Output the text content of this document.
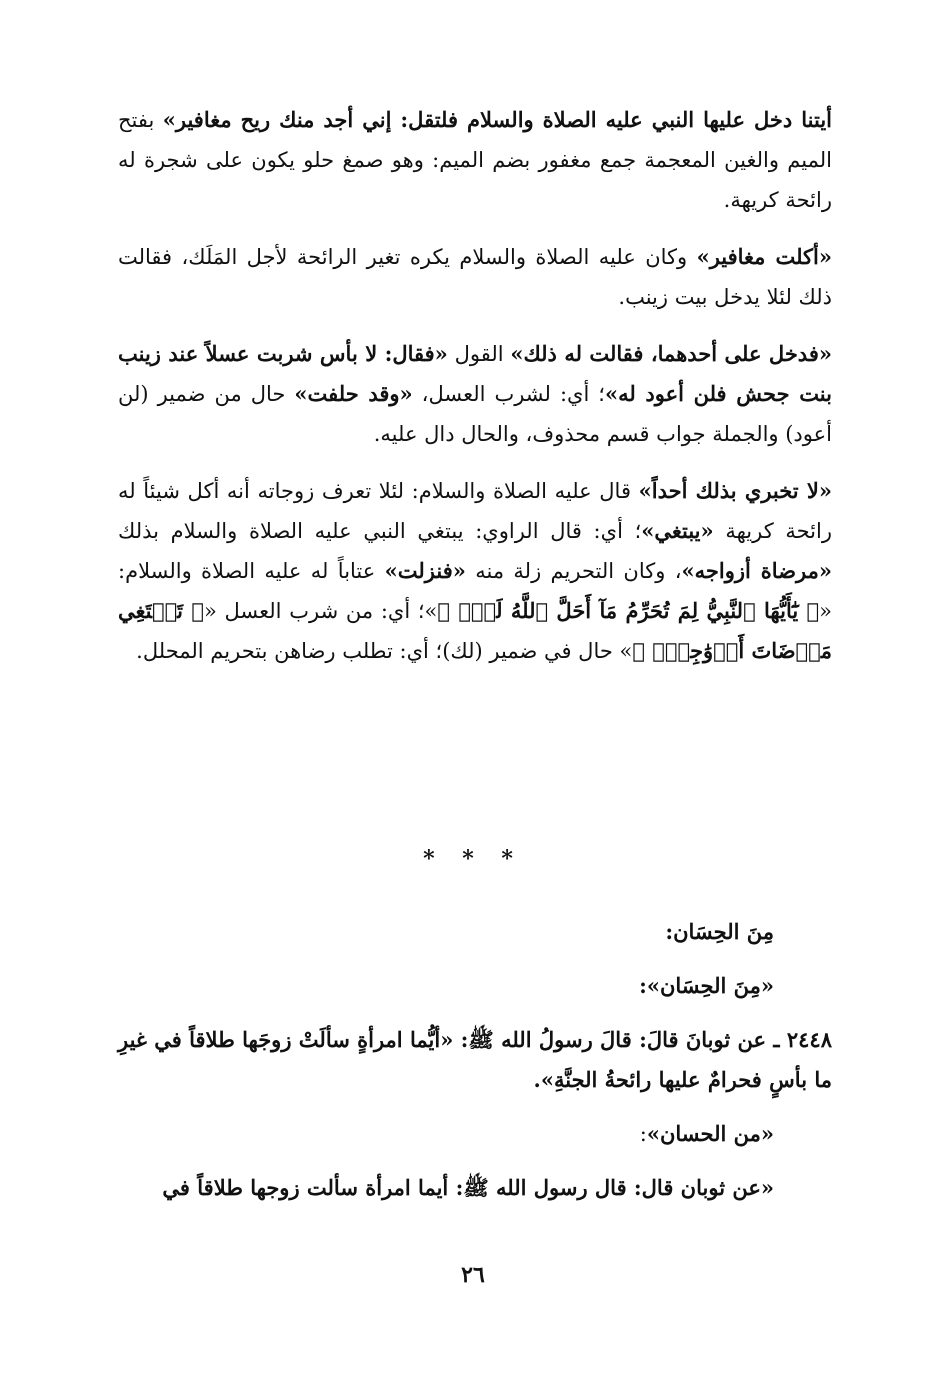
أيتنا دخل عليها النبي عليه الصلاة والسلام فلتقل: إني أجد منك ريح مغافير» بفتح الميم والغين المعجمة جمع مغفور بضم الميم: وهو صمغ حلو يكون على شجرة له رائحة كريهة.

«أكلت مغافير» وكان عليه الصلاة والسلام يكره تغير الرائحة لأجل المَلَك، فقالت ذلك لئلا يدخل بيت زينب.

«فدخل على أحدهما، فقالت له ذلك» القول «فقال: لا بأس شربت عسلاً عند زينب بنت جحش فلن أعود له»؛ أي: لشرب العسل، «وقد حلفت» حال من ضمير (لن أعود) والجملة جواب قسم محذوف، والحال دال عليه.

«لا تخبري بذلك أحداً» قال عليه الصلاة والسلام: لئلا تعرف زوجاته أنه أكل شيئاً له رائحة كريهة «يبتغي»؛ أي: قال الراوي: يبتغي النبي عليه الصلاة والسلام بذلك «مرضاة أزواجه»، وكان التحريم زلة منه «فنزلت» عتاباً له عليه الصلاة والسلام: «﴿ يَٰٓأَيُّهَا ٱلنَّبِيُّ لِمَ تُحَرِّمُ مَآ أَحَلَّ ٱللَّهُ لَكَۖ ﴾»؛ أي: من شرب العسل «﴿ تَبۡتَغِي مَرۡضَاتَ أَزۡوَٰجِكَۚ ﴾» حال في ضمير (لك)؛ أي: تطلب رضاهن بتحريم المحلل.

* * *

مِنَ الحِسَان:

«مِنَ الحِسَان»:

٢٤٤٨ ـ عن ثوبانَ قالَ: قالَ رسولُ الله ﷺ: «أيُّما امرأةٍ سألَتْ زوجَها طلاقاً في غيرِ ما بأسٍ فحرامٌ عليها رائحةُ الجنَّةِ».

«من الحسان»:

«عن ثوبان قال: قال رسول الله ﷺ: أيما امرأة سألت زوجها طلاقاً في

٢٦
